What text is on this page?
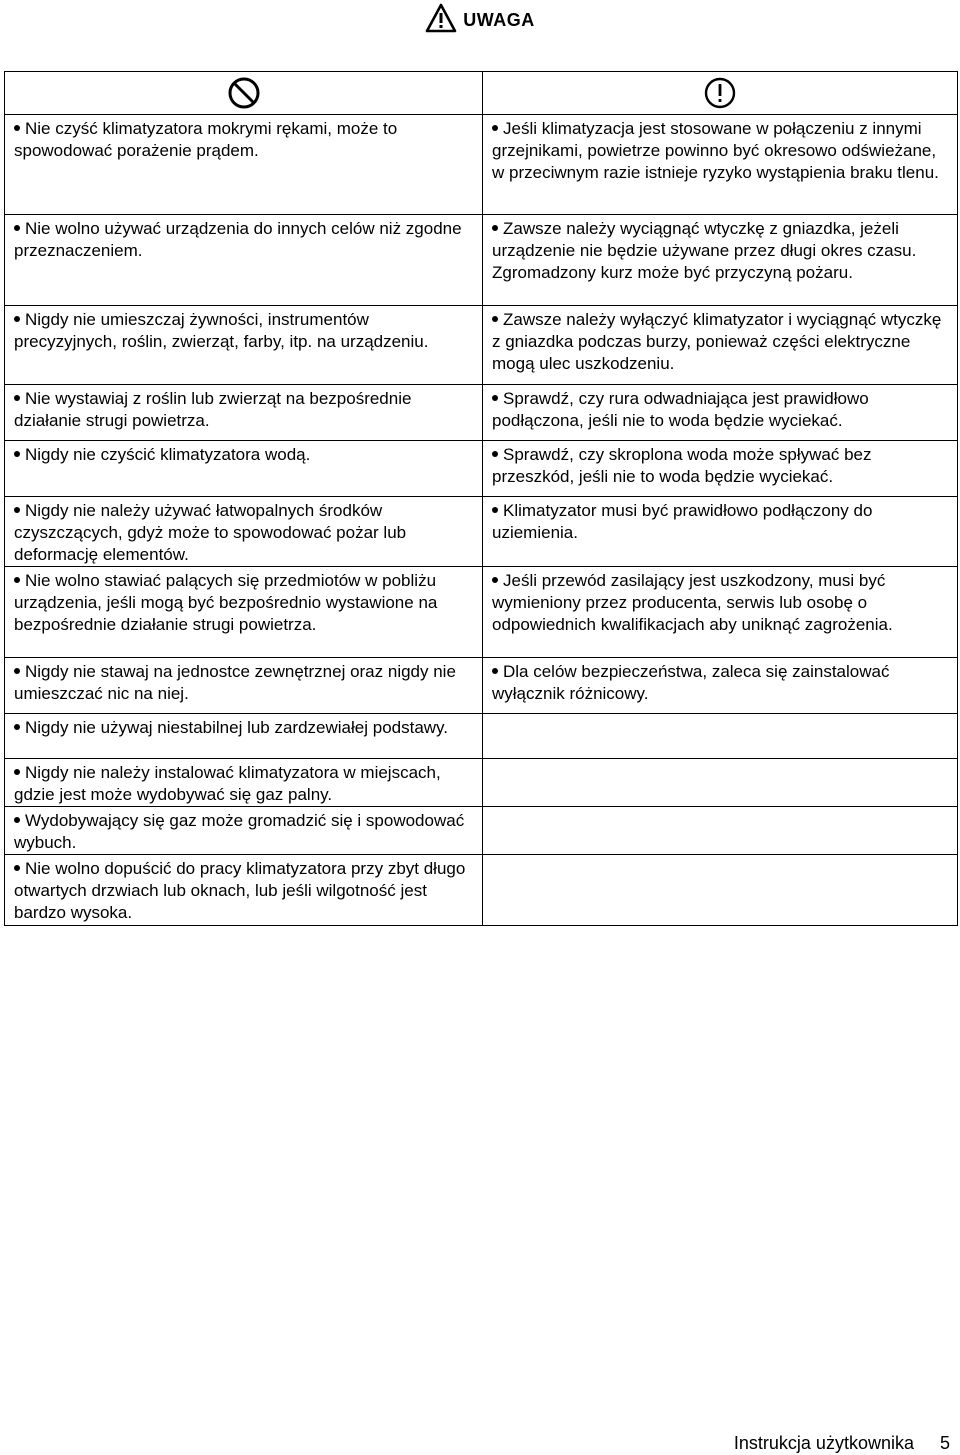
UWAGA

Nie czyść klimatyzatora mokrymi rękami, może to spowodować porażenie prądem.	Jeśli klimatyzacja jest stosowane w połączeniu z innymi grzejnikami, powietrze powinno być okresowo odświeżane, w przeciwnym razie istnieje ryzyko wystąpienia braku tlenu.

Nie wolno używać urządzenia do innych celów niż zgodne przeznaczeniem.	Zawsze należy wyciągnąć wtyczkę z gniazdka, jeżeli urządzenie nie będzie używane przez długi okres czasu. Zgromadzony kurz może być przyczyną pożaru.

Nigdy nie umieszczaj żywności, instrumentów precyzyjnych, roślin, zwierząt, farby, itp. na urządzeniu.	Zawsze należy wyłączyć klimatyzator i wyciągnąć wtyczkę z gniazdka podczas burzy, ponieważ części elektryczne mogą ulec uszkodzeniu.

Nie wystawiaj z roślin lub zwierząt na bezpośrednie działanie strugi powietrza.	Sprawdź, czy rura odwadniająca jest prawidłowo podłączona, jeśli nie to woda będzie wyciekać.

Nigdy nie czyścić klimatyzatora wodą.	Sprawdź, czy skroplona woda może spływać bez przeszkód, jeśli nie to woda będzie wyciekać.

Nigdy nie należy używać łatwopalnych środków czyszczących, gdyż może to spowodować pożar lub deformację elementów.	Klimatyzator musi być prawidłowo podłączony do uziemienia.

Nie wolno stawiać palących się przedmiotów w pobliżu urządzenia, jeśli mogą być bezpośrednio wystawione na bezpośrednie działanie strugi powietrza.	Jeśli przewód zasilający jest uszkodzony, musi być wymieniony przez producenta, serwis lub osobę o odpowiednich kwalifikacjach aby uniknąć zagrożenia.

Nigdy nie stawaj na jednostce zewnętrznej oraz nigdy nie umieszczać nic na niej.	Dla celów bezpieczeństwa, zaleca się zainstalować wyłącznik różnicowy.

Nigdy nie używaj niestabilnej lub zardzewiałej podstawy.	

Nigdy nie należy instalować klimatyzatora w miejscach, gdzie jest może wydobywać się gaz palny.	

Wydobywający się gaz może gromadzić się i spowodować wybuch.	

Nie wolno dopuścić do pracy klimatyzatora przy zbyt długo otwartych drzwiach lub oknach, lub jeśli wilgotność jest bardzo wysoka.	

Instrukcja użytkownika 5
